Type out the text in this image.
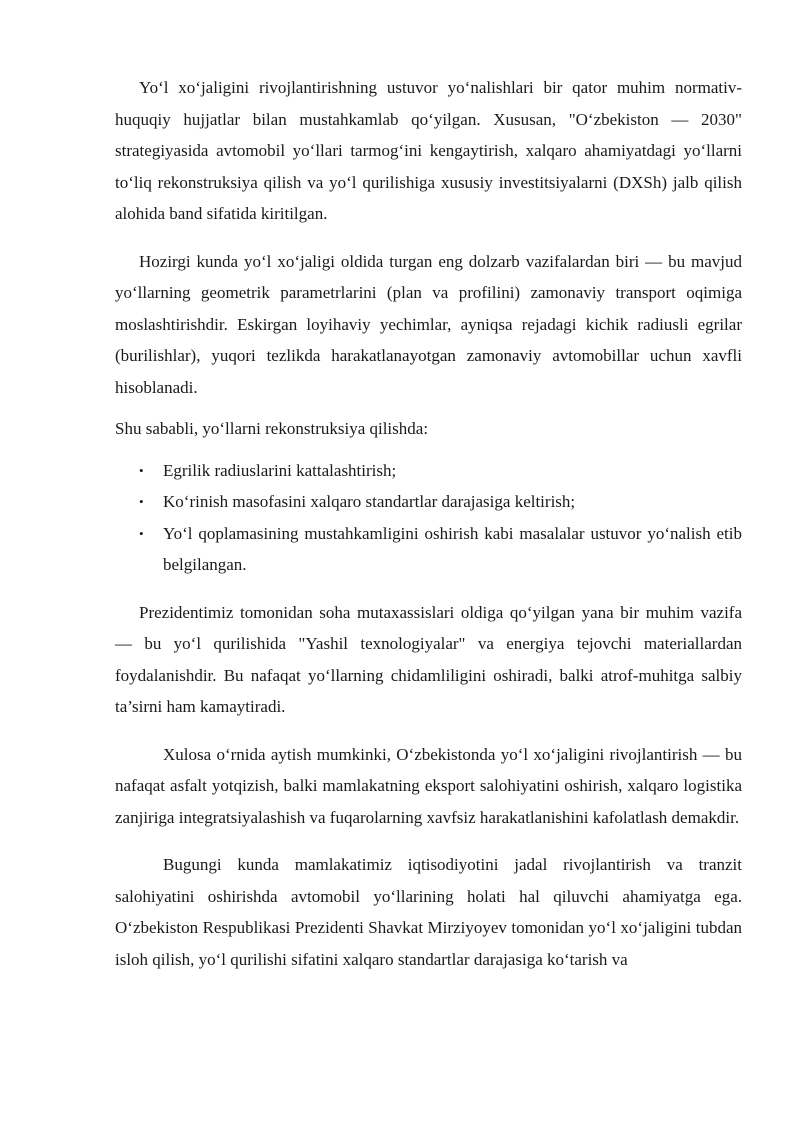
Yo‘l xo‘jaligini rivojlantirishning ustuvor yo‘nalishlari bir qator muhim normativ-huquqiy hujjatlar bilan mustahkamlab qo‘yilgan. Xususan, "O‘zbekiston — 2030" strategiyasida avtomobil yo‘llari tarmog‘ini kengaytirish, xalqaro ahamiyatdagi yo‘llarni to‘liq rekonstruksiya qilish va yo‘l qurilishiga xususiy investitsiyalarni (DXSh) jalb qilish alohida band sifatida kiritilgan.

Hozirgi kunda yo‘l xo‘jaligi oldida turgan eng dolzarb vazifalardan biri — bu mavjud yo‘llarning geometrik parametrlarini (plan va profilini) zamonaviy transport oqimiga moslashtirishdir. Eskirgan loyihaviy yechimlar, ayniqsa rejadagi kichik radiusli egrilar (burilishlar), yuqori tezlikda harakatlanayotgan zamonaviy avtomobillar uchun xavfli hisoblanadi.

Shu sababli, yo‘llarni rekonstruksiya qilishda:

• Egrilik radiuslarini kattalashtirish;
• Ko‘rinish masofasini xalqaro standartlar darajasiga keltirish;
• Yo‘l qoplamasining mustahkamligini oshirish kabi masalalar ustuvor yo‘nalish etib belgilangan.

Prezidentimiz tomonidan soha mutaxassislari oldiga qo‘yilgan yana bir muhim vazifa — bu yo‘l qurilishida "Yashil texnologiyalar" va energiya tejovchi materiallardan foydalanishdir. Bu nafaqat yo‘llarning chidamliligini oshiradi, balki atrof-muhitga salbiy ta’sirni ham kamaytiradi.

Xulosa o‘rnida aytish mumkinki, O‘zbekistonda yo‘l xo‘jaligini rivojlantirish — bu nafaqat asfalt yotqizish, balki mamlakatning eksport salohiyatini oshirish, xalqaro logistika zanjiriga integratsiyalashish va fuqarolarning xavfsiz harakatlanishini kafolatlash demakdir.

Bugungi kunda mamlakatimiz iqtisodiyotini jadal rivojlantirish va tranzit salohiyatini oshirishda avtomobil yo‘llarining holati hal qiluvchi ahamiyatga ega. O‘zbekiston Respublikasi Prezidenti Shavkat Mirziyoyev tomonidan yo‘l xo‘jaligini tubdan isloh qilish, yo‘l qurilishi sifatini xalqaro standartlar darajasiga ko‘tarish va
